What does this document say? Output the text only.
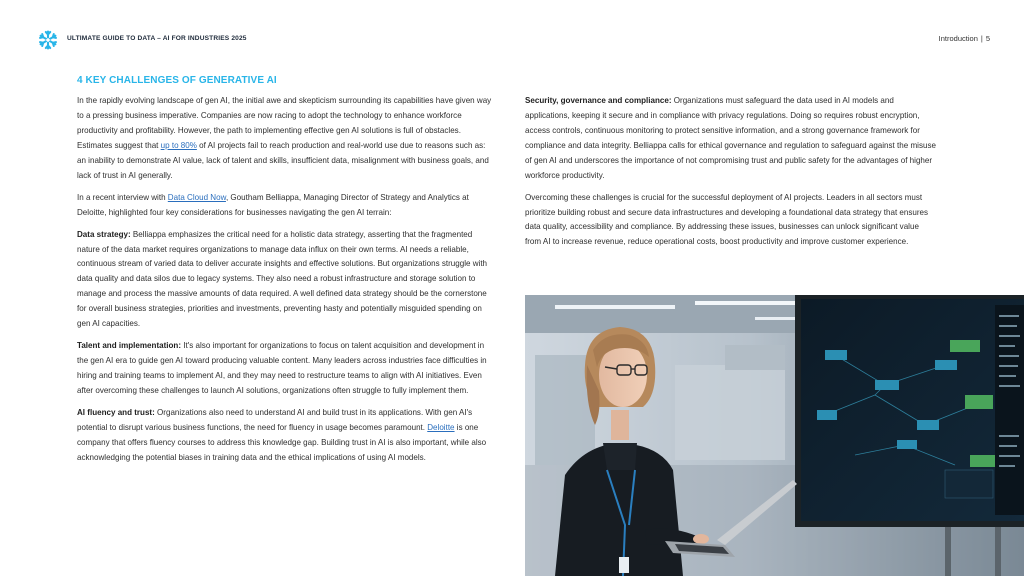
ULTIMATE GUIDE TO DATA – AI FOR INDUSTRIES 2025	Introduction | 5
4 KEY CHALLENGES OF GENERATIVE AI

In the rapidly evolving landscape of gen AI, the initial awe and skepticism surrounding its capabilities have given way to a pressing business imperative. Companies are now racing to adopt the technology to enhance workforce productivity and profitability. However, the path to implementing effective gen AI solutions is full of obstacles. Estimates suggest that up to 80% of AI projects fail to reach production and real-world use due to reasons such as: an inability to demonstrate AI value, lack of talent and skills, insufficient data, misalignment with business goals, and lack of trust in AI generally.

In a recent interview with Data Cloud Now, Goutham Belliappa, Managing Director of Strategy and Analytics at Deloitte, highlighted four key considerations for businesses navigating the gen AI terrain:

Data strategy: Belliappa emphasizes the critical need for a holistic data strategy, asserting that the fragmented nature of the data market requires organizations to manage data influx on their own terms. AI needs a reliable, continuous stream of varied data to deliver accurate insights and effective solutions. But organizations struggle with data quality and data silos due to legacy systems. They also need a robust infrastructure and storage solution to manage and process the massive amounts of data required. A well defined data strategy should be the cornerstone for overall business strategies, priorities and investments, preventing hasty and potentially misguided spending on gen AI capacities.

Talent and implementation: It's also important for organizations to focus on talent acquisition and development in the gen AI era to guide gen AI toward producing valuable content. Many leaders across industries face difficulties in hiring and training teams to implement AI, and they may need to restructure teams to align with AI initiatives. Even after overcoming these challenges to launch AI solutions, organizations often struggle to fully implement them.

AI fluency and trust: Organizations also need to understand AI and build trust in its applications. With gen AI's potential to disrupt various business functions, the need for fluency in usage becomes paramount. Deloitte is one company that offers fluency courses to address this knowledge gap. Building trust in AI is also important, while also acknowledging the potential biases in training data and the ethical implications of using AI models.

Security, governance and compliance: Organizations must safeguard the data used in AI models and applications, keeping it secure and in compliance with privacy regulations. Doing so requires robust encryption, access controls, continuous monitoring to protect sensitive information, and a strong governance framework for compliance and data integrity. Belliappa calls for ethical governance and regulation to safeguard against the misuse of gen AI and underscores the importance of not compromising trust and public safety for the advantages of higher workforce productivity.

Overcoming these challenges is crucial for the successful deployment of AI projects. Leaders in all sectors must prioritize building robust and secure data infrastructures and developing a foundational data strategy that ensures data quality, accessibility and compliance. By addressing these issues, businesses can unlock significant value from AI to increase revenue, reduce operational costs, boost productivity and improve customer experience.
